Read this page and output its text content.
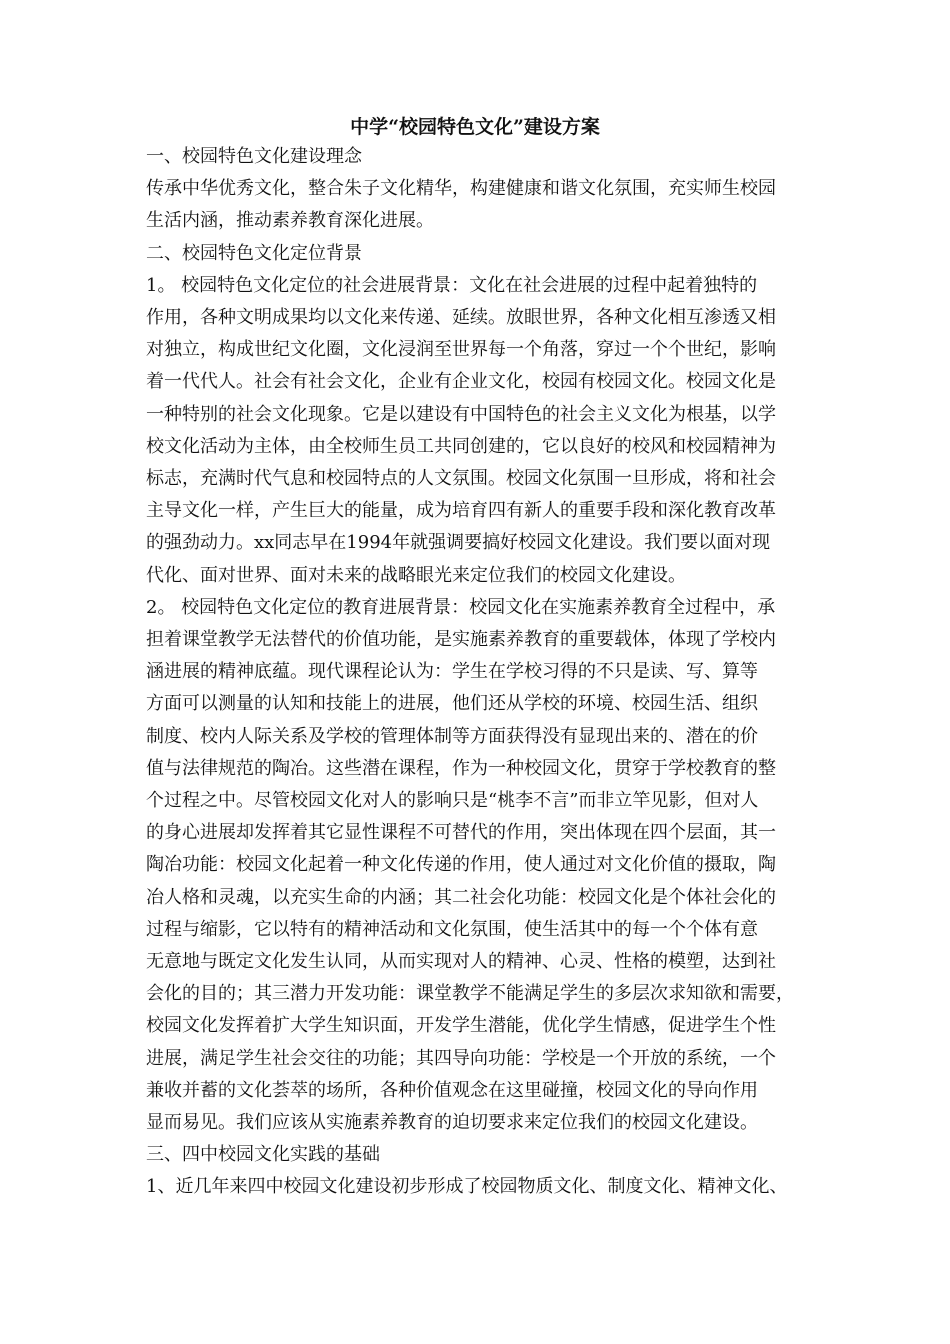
中学“校园特色文化”建设方案
一、校园特色文化建设理念
传承中华优秀文化，整合朱子文化精华，构建健康和谐文化氛围，充实师生校园
生活内涵，推动素养教育深化进展。
二、校园特色文化定位背景
1。 校园特色文化定位的社会进展背景：文化在社会进展的过程中起着独特的
作用，各种文明成果均以文化来传递、延续。放眼世界，各种文化相互渗透又相
对独立，构成世纪文化圈，文化浸润至世界每一个角落，穿过一个个世纪，影响
着一代代人。社会有社会文化，企业有企业文化，校园有校园文化。校园文化是
一种特别的社会文化现象。它是以建设有中国特色的社会主义文化为根基，以学
校文化活动为主体，由全校师生员工共同创建的，它以良好的校风和校园精神为
标志，充满时代气息和校园特点的人文氛围。校园文化氛围一旦形成，将和社会
主导文化一样，产生巨大的能量，成为培育四有新人的重要手段和深化教育改革
的强劲动力。xx同志早在1994年就强调要搞好校园文化建设。我们要以面对现
代化、面对世界、面对未来的战略眼光来定位我们的校园文化建设。
2。 校园特色文化定位的教育进展背景：校园文化在实施素养教育全过程中，承
担着课堂教学无法替代的价值功能，是实施素养教育的重要载体，体现了学校内
涵进展的精神底蕴。现代课程论认为：学生在学校习得的不只是读、写、算等
方面可以测量的认知和技能上的进展，他们还从学校的环境、校园生活、组织
制度、校内人际关系及学校的管理体制等方面获得没有显现出来的、潜在的价
值与法律规范的陶冶。这些潜在课程，作为一种校园文化，贯穿于学校教育的整
个过程之中。尽管校园文化对人的影响只是“桃李不言”而非立竿见影，但对人
的身心进展却发挥着其它显性课程不可替代的作用，突出体现在四个层面，其一
陶冶功能：校园文化起着一种文化传递的作用，使人通过对文化价值的摄取，陶
冶人格和灵魂，以充实生命的内涵；其二社会化功能：校园文化是个体社会化的
过程与缩影，它以特有的精神活动和文化氛围，使生活其中的每一个个体有意
无意地与既定文化发生认同，从而实现对人的精神、心灵、性格的模塑，达到社
会化的目的；其三潜力开发功能：课堂教学不能满足学生的多层次求知欲和需要，
校园文化发挥着扩大学生知识面，开发学生潜能，优化学生情感，促进学生个性
进展，满足学生社会交往的功能；其四导向功能：学校是一个开放的系统，一个
兼收并蓄的文化荟萃的场所，各种价值观念在这里碰撞，校园文化的导向作用
显而易见。我们应该从实施素养教育的迫切要求来定位我们的校园文化建设。
三、四中校园文化实践的基础
1、近几年来四中校园文化建设初步形成了校园物质文化、制度文化、精神文化、
